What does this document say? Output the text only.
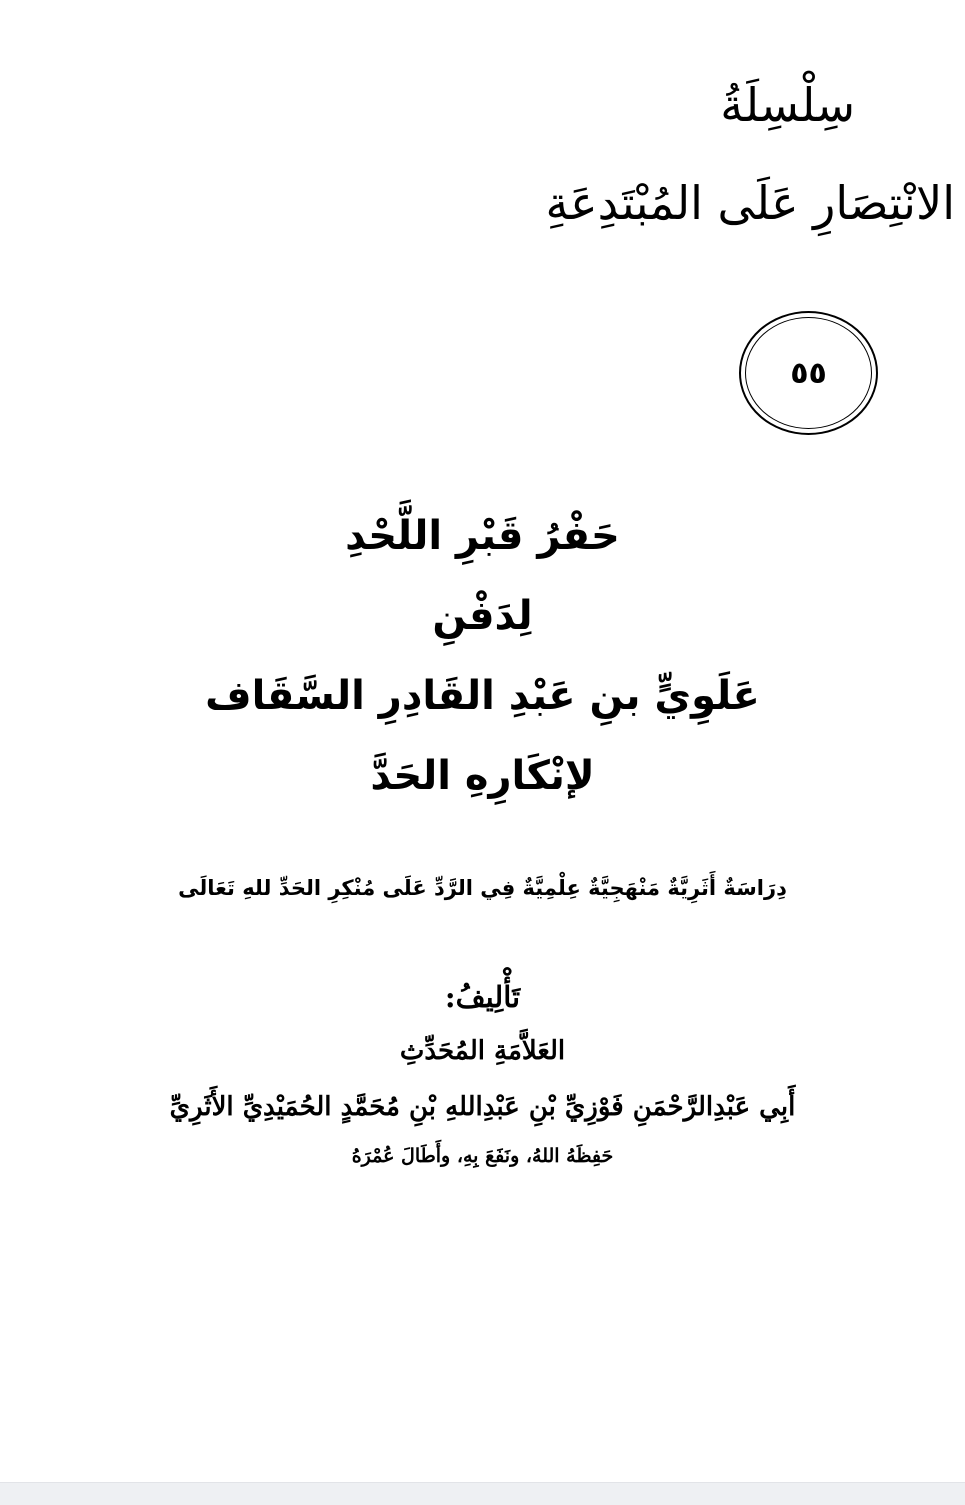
سِلْسِلَةُ

الانْتِصَارِ عَلَى المُبْتَدِعَةِ

٥٥

حَفْرُ قَبْرِ اللَّحْدِ

لِدَفْنِ

عَلَوِيٍّ بنِ عَبْدِ القَادِرِ السَّقَاف

لإنْكَارِهِ الحَدَّ

دِرَاسَةٌ أَثَرِيَّةٌ مَنْهَجِيَّةٌ عِلْمِيَّةٌ فِي الرَّدِّ عَلَى مُنْكِرِ الحَدِّ للهِ تَعَالَى

تَأْلِيفُ:

العَلاَّمَةِ المُحَدِّثِ

أَبِي عَبْدِالرَّحْمَنِ فَوْزِيِّ بْنِ عَبْدِاللهِ بْنِ مُحَمَّدٍ الحُمَيْدِيِّ الأَثَرِيِّ

حَفِظَهُ اللهُ، ونَفَعَ بِهِ، وأَطَالَ عُمْرَهُ
